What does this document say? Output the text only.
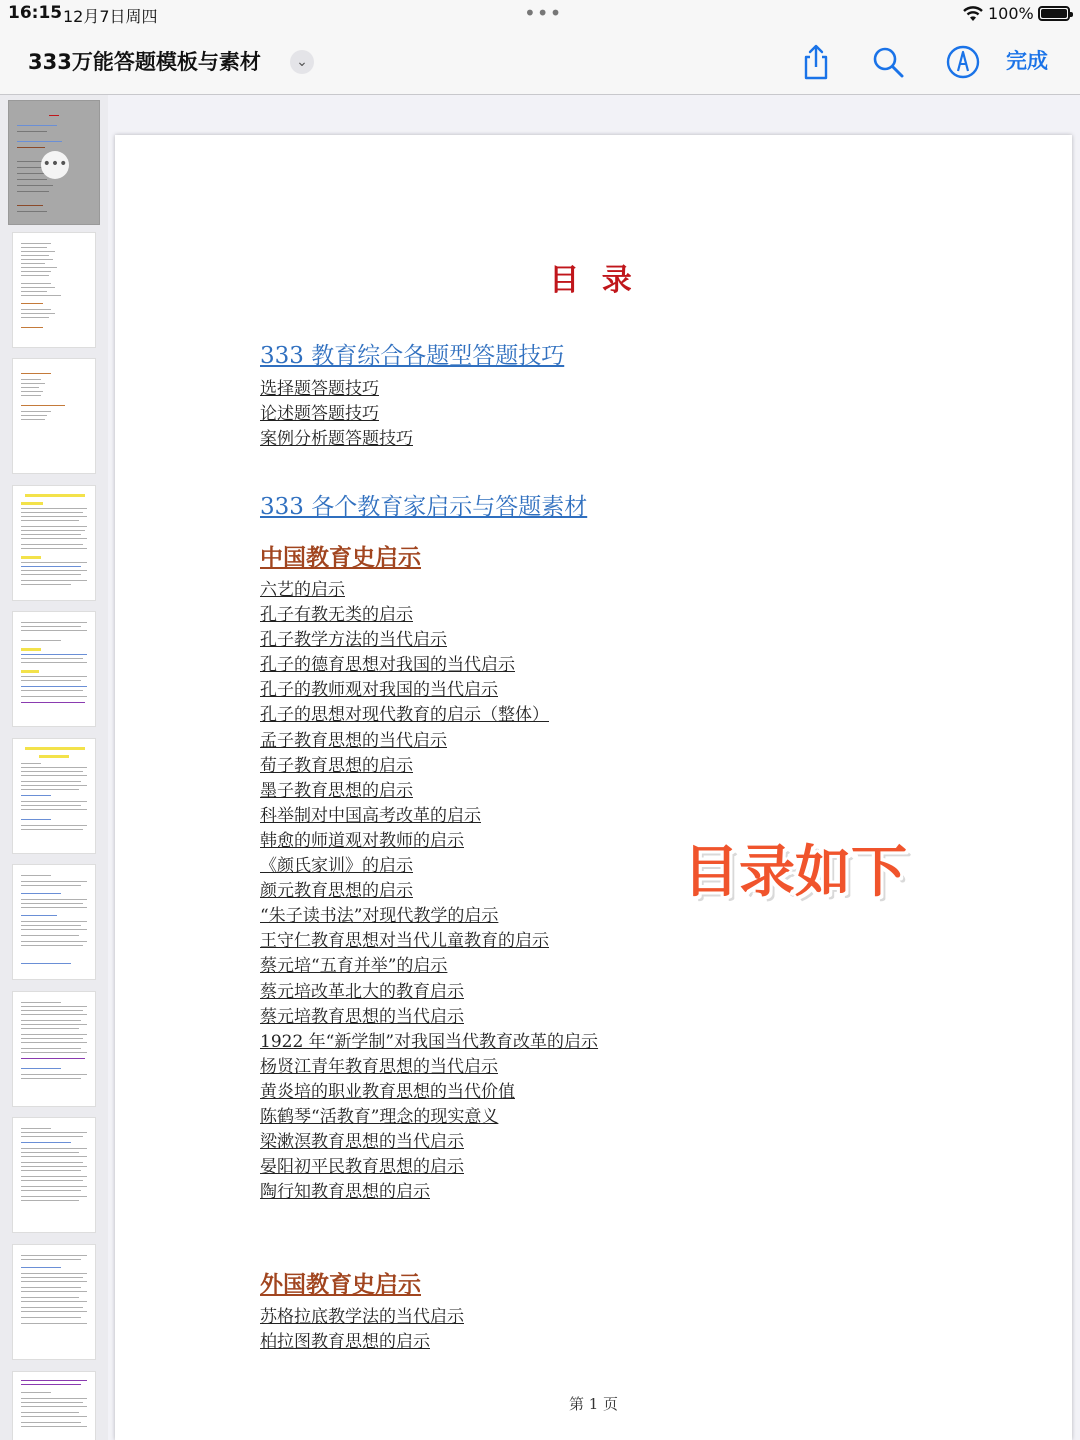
16:15 12月7日周四	•••	100%
333万能答题模板与素材	⌄	完成
•••
目 录
333 教育综合各题型答题技巧
选择题答题技巧
论述题答题技巧
案例分析题答题技巧
333 各个教育家启示与答题素材
中国教育史启示
六艺的启示
孔子有教无类的启示
孔子教学方法的当代启示
孔子的德育思想对我国的当代启示
孔子的教师观对我国的当代启示
孔子的思想对现代教育的启示（整体）
孟子教育思想的当代启示
荀子教育思想的启示
墨子教育思想的启示
科举制对中国高考改革的启示
韩愈的师道观对教师的启示
《颜氏家训》的启示
颜元教育思想的启示
“朱子读书法”对现代教学的启示
王守仁教育思想对当代儿童教育的启示
蔡元培“五育并举”的启示
蔡元培改革北大的教育启示
蔡元培教育思想的当代启示
1922 年“新学制”对我国当代教育改革的启示
杨贤江青年教育思想的当代启示
黄炎培的职业教育思想的当代价值
陈鹤琴“活教育”理念的现实意义
梁漱溟教育思想的当代启示
晏阳初平民教育思想的启示
陶行知教育思想的启示
外国教育史启示
苏格拉底教学法的当代启示
柏拉图教育思想的启示
第 1 页
目录如下
